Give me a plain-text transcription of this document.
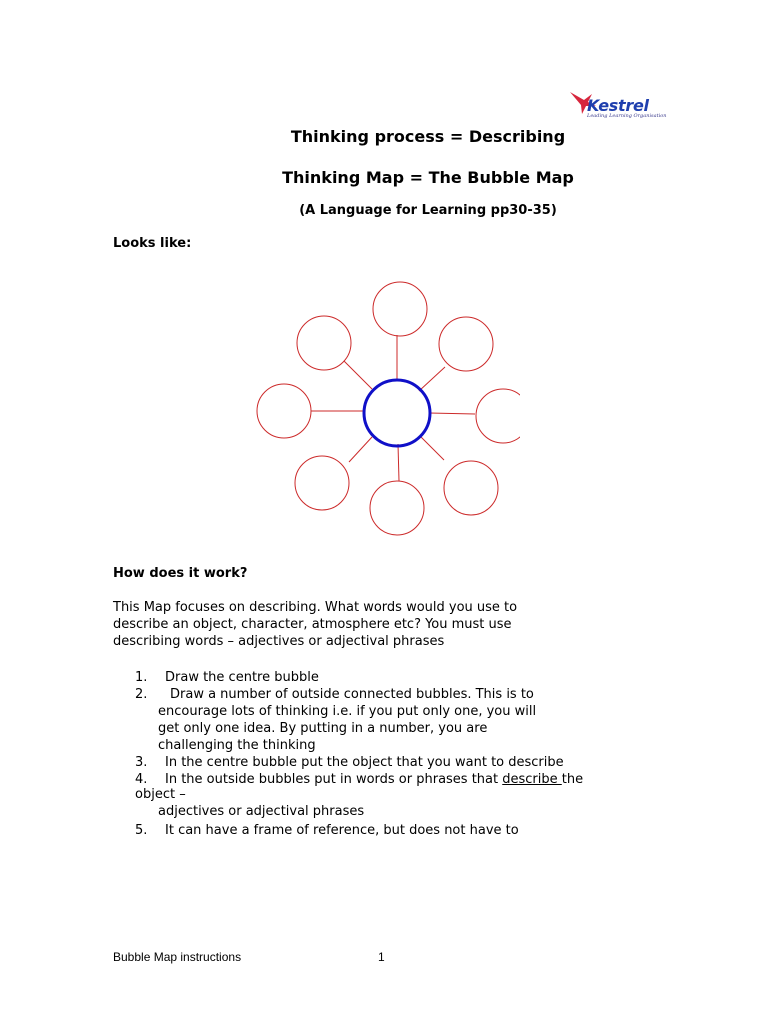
Kestrel
Leading Learning Organisation
Thinking process = Describing
Thinking Map = The Bubble Map
(A Language for Learning pp30-35)
Looks like:
How does it work?
This Map focuses on describing. What words would you use to
describe an object, character, atmosphere etc? You must use
describing words – adjectives or adjectival phrases
1. Draw the centre bubble
2. Draw a number of outside connected bubbles. This is to
encourage lots of thinking i.e. if you put only one, you will
get only one idea. By putting in a number, you are
challenging the thinking
3. In the centre bubble put the object that you want to describe
4. In the outside bubbles put in words or phrases that describe the
object –
adjectives or adjectival phrases
5. It can have a frame of reference, but does not have to
Bubble Map instructions	1
